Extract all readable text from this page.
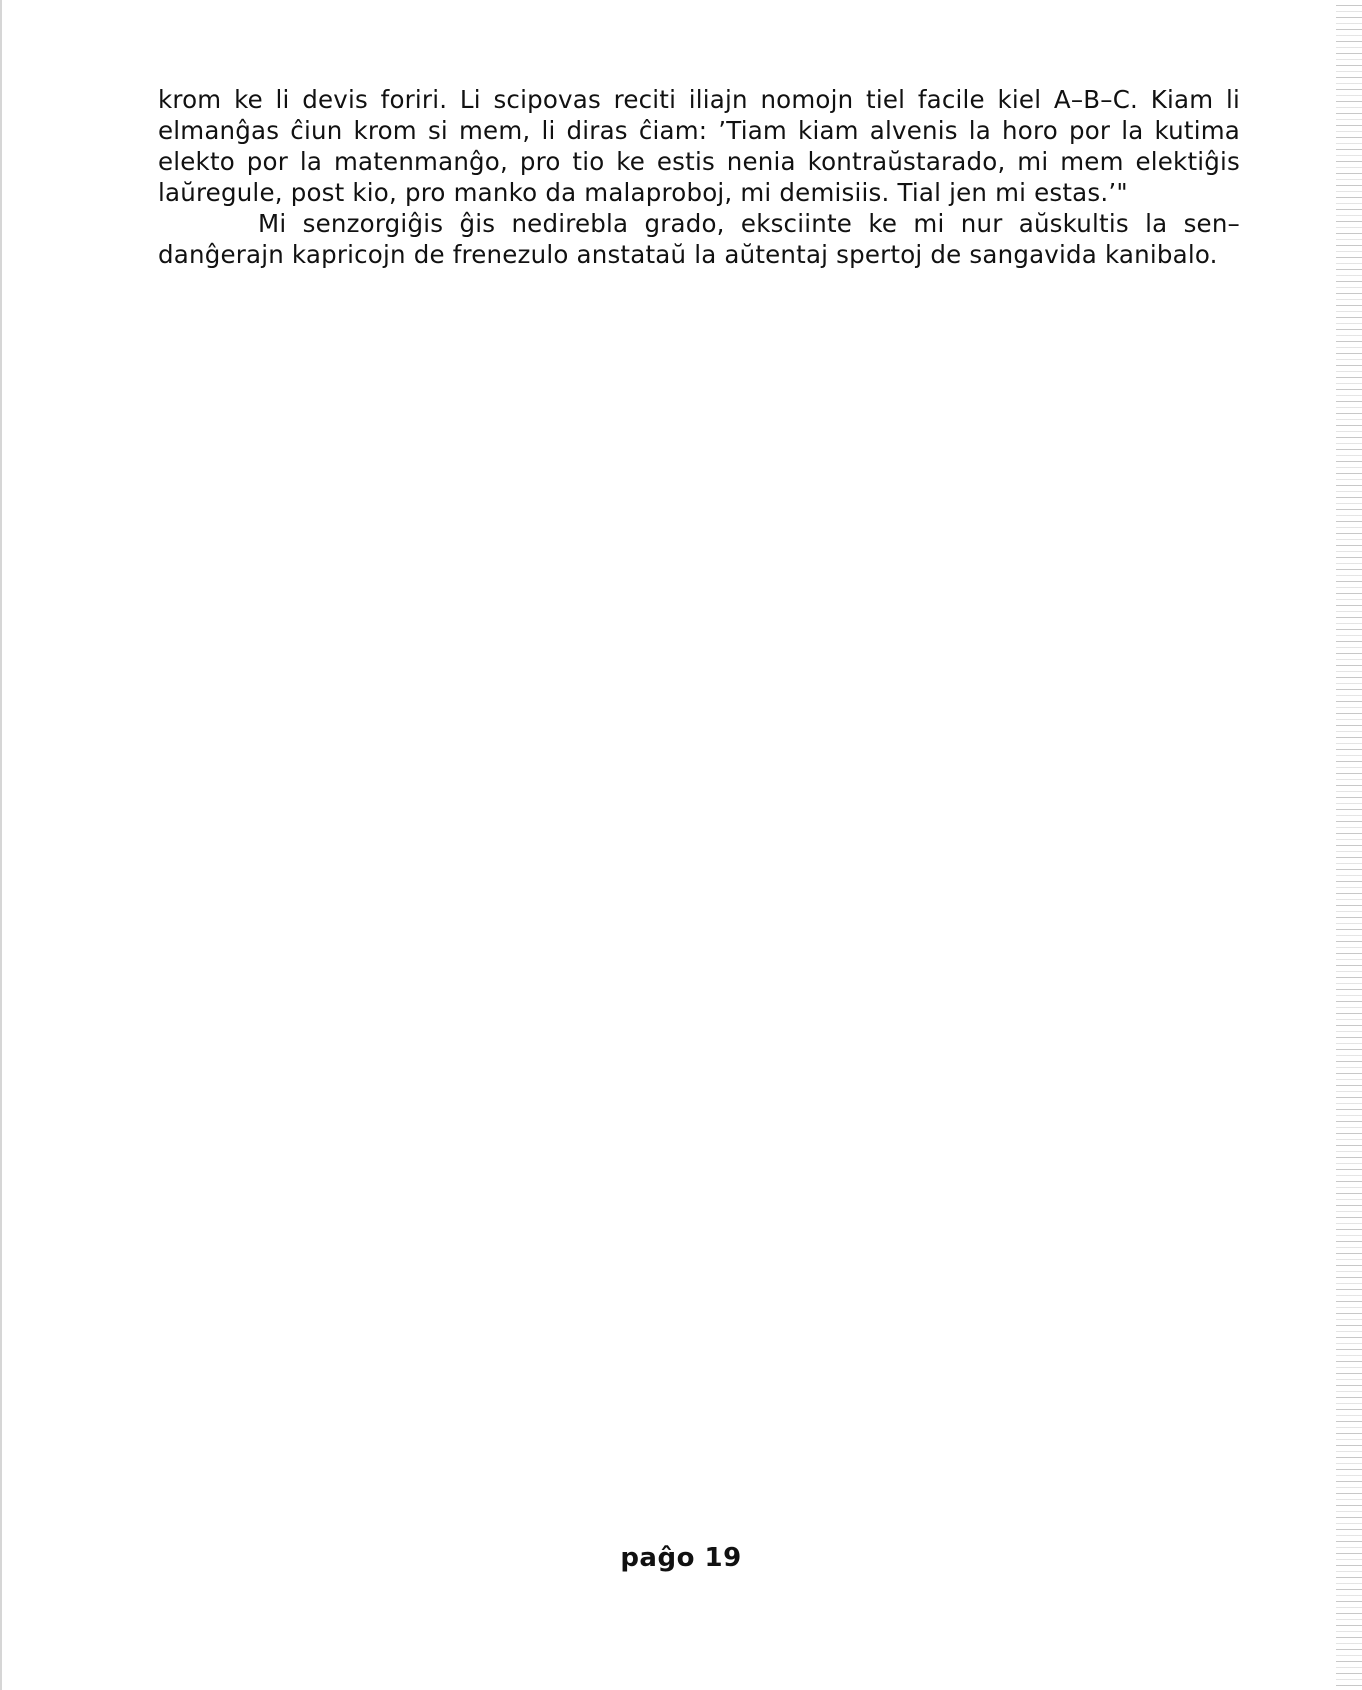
krom ke li devis foriri. Li scipovas reciti iliajn nomojn tiel facile kiel A–B–C. Kiam li elmanĝas ĉiun krom si mem, li diras ĉiam: ’Tiam kiam alvenis la horo por la kutima elekto por la matenmanĝo, pro tio ke estis nenia kontraŭstarado, mi mem elektiĝis laŭregule, post kio, pro manko da malaproboj, mi demisiis. Tial jen mi estas.’"

Mi senzorgiĝis ĝis nedirebla grado, eksciinte ke mi nur aŭskultis la sen–danĝerajn kapricojn de frenezulo anstataŭ la aŭtentaj spertoj de sangavida kanibalo.

paĝo 19
